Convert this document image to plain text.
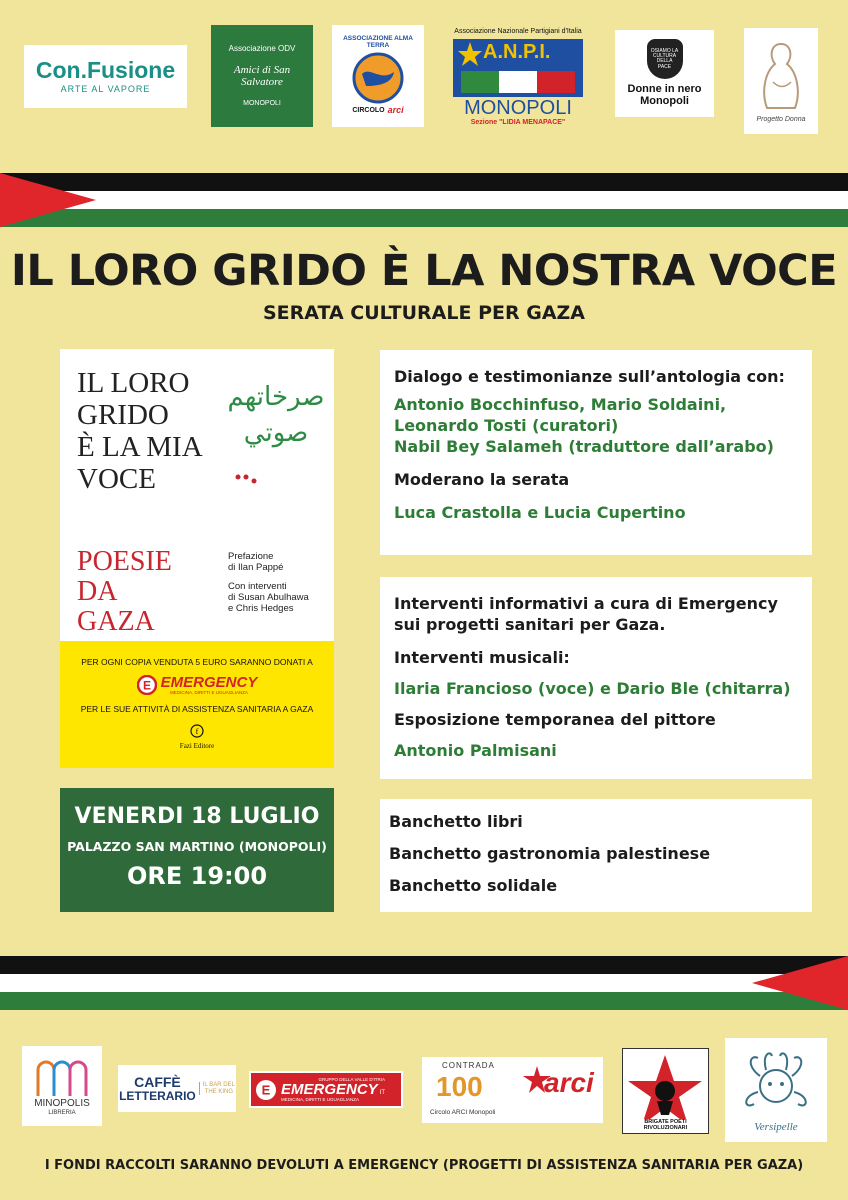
Con.Fusione
ARTE AL VAPORE
Associazione ODV
Amici di San Salvatore
MONOPOLI
ASSOCIAZIONE ALMA TERRA
CIRCOLO arci
Associazione Nazionale Partigiani d'Italia
A.N.P.I.
MONOPOLI
Sezione "LIDIA MENAPACE"
OSIAMO LA CULTURA DELLA PACE
Donne in nero Monopoli
Progetto Donna
IL LORO GRIDO È LA NOSTRA VOCE
SERATA CULTURALE PER GAZA
IL LORO
GRIDO
È LA MIA
VOCE
صرخاتهم صوتي
POESIE
DA
GAZA
Prefazione
di Ilan Pappé
Con interventi
di Susan Abulhawa
e Chris Hedges
PER OGNI COPIA VENDUTA 5 EURO SARANNO DONATI A
E EMERGENCY
MEDICINA, DIRITTI E UGUAGLIANZA
PER LE SUE ATTIVITÀ DI ASSISTENZA SANITARIA A GAZA
f
Fazi Editore
Dialogo e testimonianze sull’antologia con:
Antonio Bocchinfuso, Mario Soldaini,
Leonardo Tosti (curatori)
Nabil Bey Salameh (traduttore dall’arabo)
Moderano la serata
Luca Crastolla e Lucia Cupertino
Interventi informativi a cura di Emergency
sui progetti sanitari per Gaza.
Interventi musicali:
Ilaria Francioso (voce) e Dario Ble (chitarra)
Esposizione temporanea del pittore
Antonio Palmisani
VENERDI 18 LUGLIO
PALAZZO SAN MARTINO (MONOPOLI)
ORE 19:00
Banchetto libri
Banchetto gastronomia palestinese
Banchetto solidale
MINOPOLIS
LIBRERIA
CAFFÈ
LETTERARIO
IL BAR DEL
THE KING E
GRUPPO DELLA VALLE D'ITRIA
EMERGENCY IT
MEDICINA, DIRITTI E UGUAGLIANZA
CONTRADA
100
Circolo ARCI Monopoli
arci
BRIGATE POETI RIVOLUZIONARI	Versipelle
I FONDI RACCOLTI SARANNO DEVOLUTI A EMERGENCY (PROGETTI DI ASSISTENZA SANITARIA PER GAZA)
